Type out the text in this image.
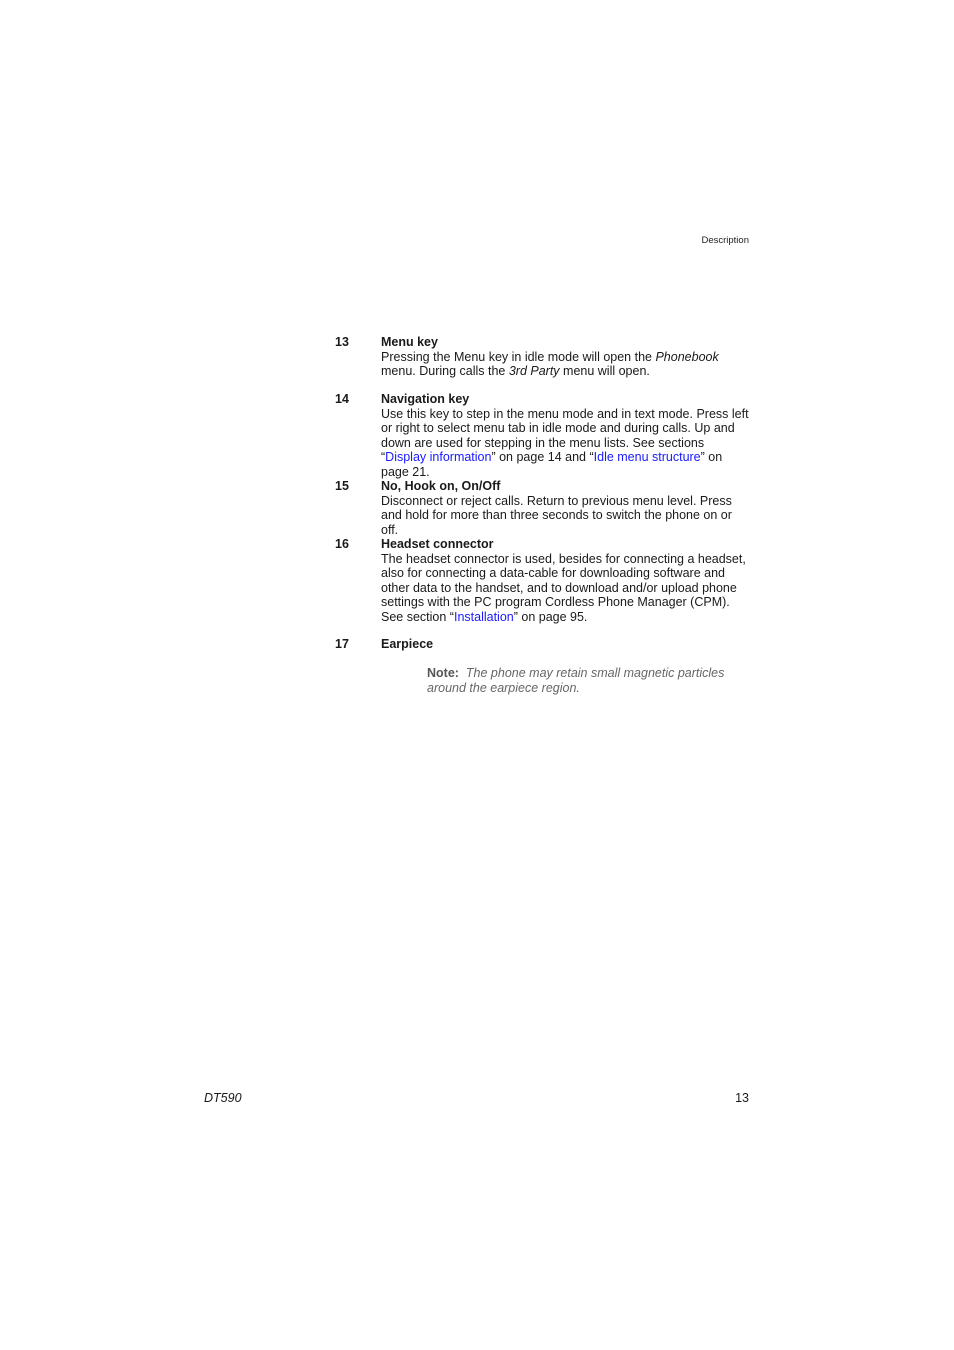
Description
13	Menu key
Pressing the Menu key in idle mode will open the Phonebook menu. During calls the 3rd Party menu will open.
14	Navigation key
Use this key to step in the menu mode and in text mode. Press left or right to select menu tab in idle mode and during calls. Up and down are used for stepping in the menu lists. See sections “Display information” on page 14 and “Idle menu structure” on page 21.
15	No, Hook on, On/Off
Disconnect or reject calls. Return to previous menu level. Press and hold for more than three seconds to switch the phone on or off.
16	Headset connector
The headset connector is used, besides for connecting a headset, also for connecting a data-cable for downloading software and other data to the handset, and to download and/or upload phone settings with the PC program Cordless Phone Manager (CPM). See section “Installation” on page 95.
17	Earpiece
Note: The phone may retain small magnetic particles around the earpiece region.
DT590	13
